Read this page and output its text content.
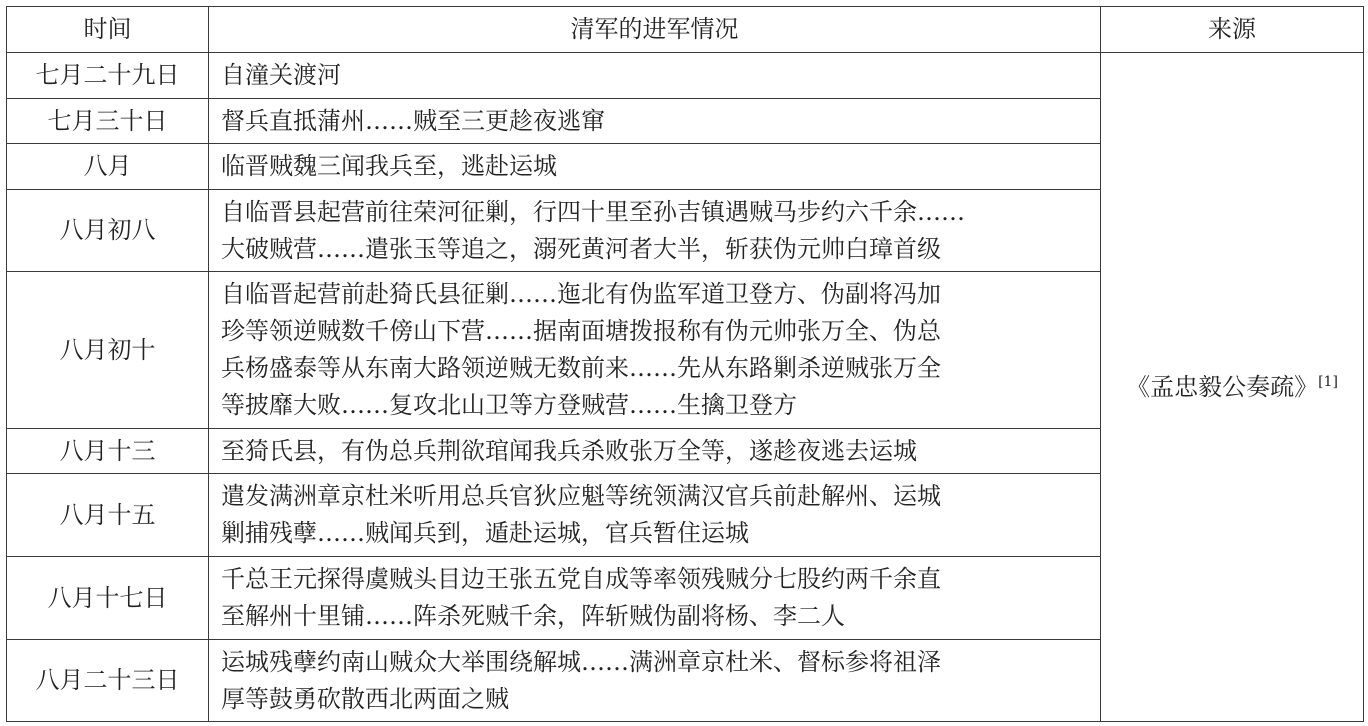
时间	清军的进军情况	来源
七月二十九日	自潼关渡河	《孟忠毅公奏疏》[1]
七月三十日	督兵直抵蒲州……贼至三更趁夜逃窜	
八月	临晋贼魏三闻我兵至，逃赴运城	
八月初八	自临晋县起营前往荣河征剿，行四十里至孙吉镇遇贼马步约六千余……
大破贼营……遣张玉等追之，溺死黄河者大半，斩获伪元帅白璋首级	
八月初十	自临晋起营前赴猗氏县征剿……迤北有伪监军道卫登方、伪副将冯加
珍等领逆贼数千傍山下营……据南面塘拨报称有伪元帅张万全、伪总
兵杨盛泰等从东南大路领逆贼无数前来……先从东路剿杀逆贼张万全
等披靡大败……复攻北山卫等方登贼营……生擒卫登方	
八月十三	至猗氏县，有伪总兵荆欲琯闻我兵杀败张万全等，遂趁夜逃去运城	
八月十五	遣发满洲章京杜米听用总兵官狄应魁等统领满汉官兵前赴解州、运城
剿捕残孽……贼闻兵到，遁赴运城，官兵暂住运城	
八月十七日	千总王元探得虞贼头目边王张五党自成等率领残贼分七股约两千余直
至解州十里铺……阵杀死贼千余，阵斩贼伪副将杨、李二人	
八月二十三日	运城残孽约南山贼众大举围绕解城……满洲章京杜米、督标参将祖泽
厚等鼓勇砍散西北两面之贼	
